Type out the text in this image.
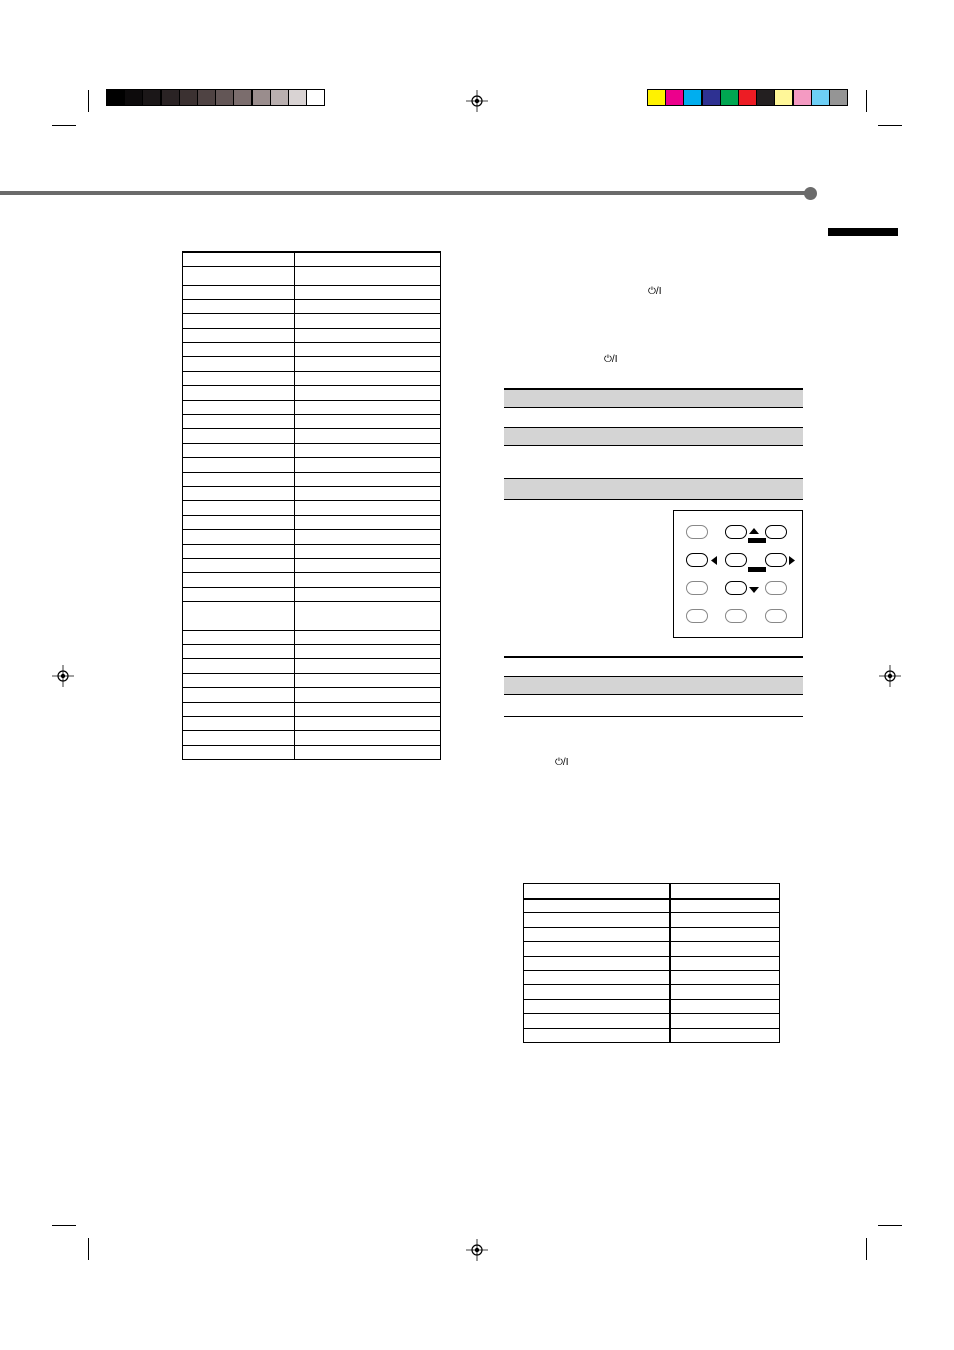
⏻/I
⏻/I
⏻/I
